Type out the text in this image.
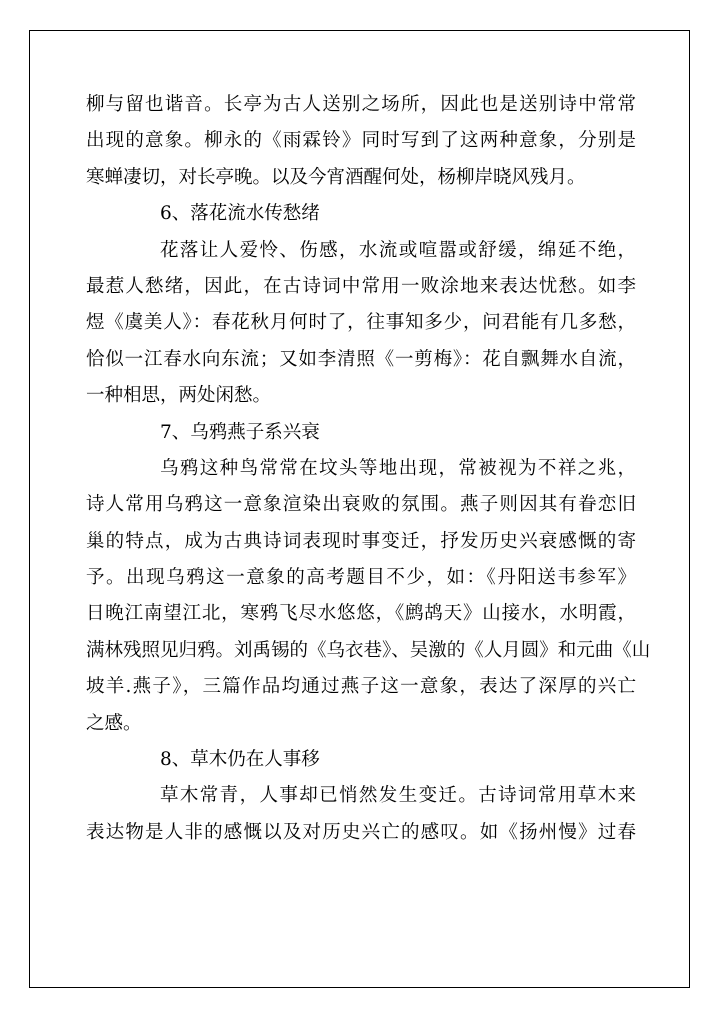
柳与留也谐音。长亭为古人送别之场所，因此也是送别诗中常常
出现的意象。柳永的《雨霖铃》同时写到了这两种意象，分别是
寒蝉凄切，对长亭晚。以及今宵酒醒何处，杨柳岸晓风残月。
6、落花流水传愁绪
花落让人爱怜、伤感，水流或喧嚣或舒缓，绵延不绝，
最惹人愁绪，因此，在古诗词中常用一败涂地来表达忧愁。如李
煜《虞美人》：春花秋月何时了，往事知多少，问君能有几多愁，
恰似一江春水向东流；又如李清照《一剪梅》：花自飘舞水自流，
一种相思，两处闲愁。
7、乌鸦燕子系兴衰
乌鸦这种鸟常常在坟头等地出现，常被视为不祥之兆，
诗人常用乌鸦这一意象渲染出衰败的氛围。燕子则因其有眷恋旧
巢的特点，成为古典诗词表现时事变迁，抒发历史兴衰感慨的寄
予。出现乌鸦这一意象的高考题目不少，如：《丹阳送韦参军》
日晚江南望江北，寒鸦飞尽水悠悠，《鹧鸪天》山接水，水明霞，
满林残照见归鸦。刘禹锡的《乌衣巷》、吴激的《人月圆》和元曲《山
坡羊.燕子》，三篇作品均通过燕子这一意象，表达了深厚的兴亡
之感。
8、草木仍在人事移
草木常青，人事却已悄然发生变迁。古诗词常用草木来
表达物是人非的感慨以及对历史兴亡的感叹。如《扬州慢》过春
